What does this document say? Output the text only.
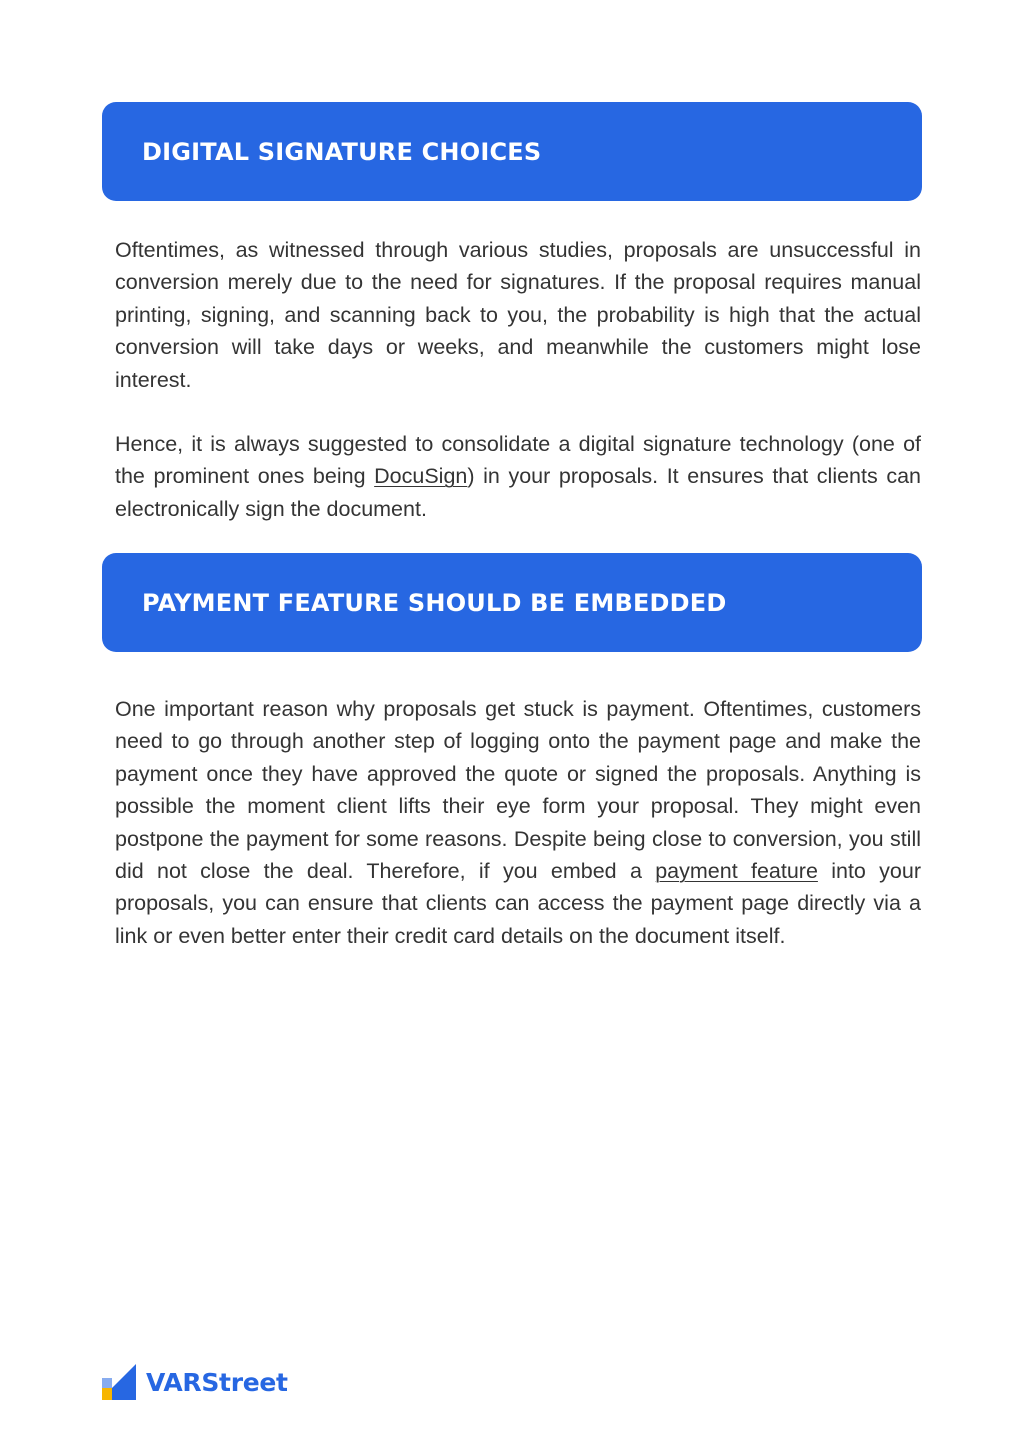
DIGITAL SIGNATURE CHOICES

Oftentimes, as witnessed through various studies, proposals are unsuccessful in conversion merely due to the need for signatures. If the proposal requires manual printing, signing, and scanning back to you, the probability is high that the actual conversion will take days or weeks, and meanwhile the customers might lose interest.

Hence, it is always suggested to consolidate a digital signature technology (one of the prominent ones being DocuSign) in your proposals. It ensures that clients can electronically sign the document.

PAYMENT FEATURE SHOULD BE EMBEDDED

One important reason why proposals get stuck is payment. Oftentimes, customers need to go through another step of logging onto the payment page and make the payment once they have approved the quote or signed the proposals. Anything is possible the moment client lifts their eye form your proposal. They might even postpone the payment for some reasons. Despite being close to conversion, you still did not close the deal. Therefore, if you embed a payment feature into your proposals, you can ensure that clients can access the payment page directly via a link or even better enter their credit card details on the document itself.

VARStreet
